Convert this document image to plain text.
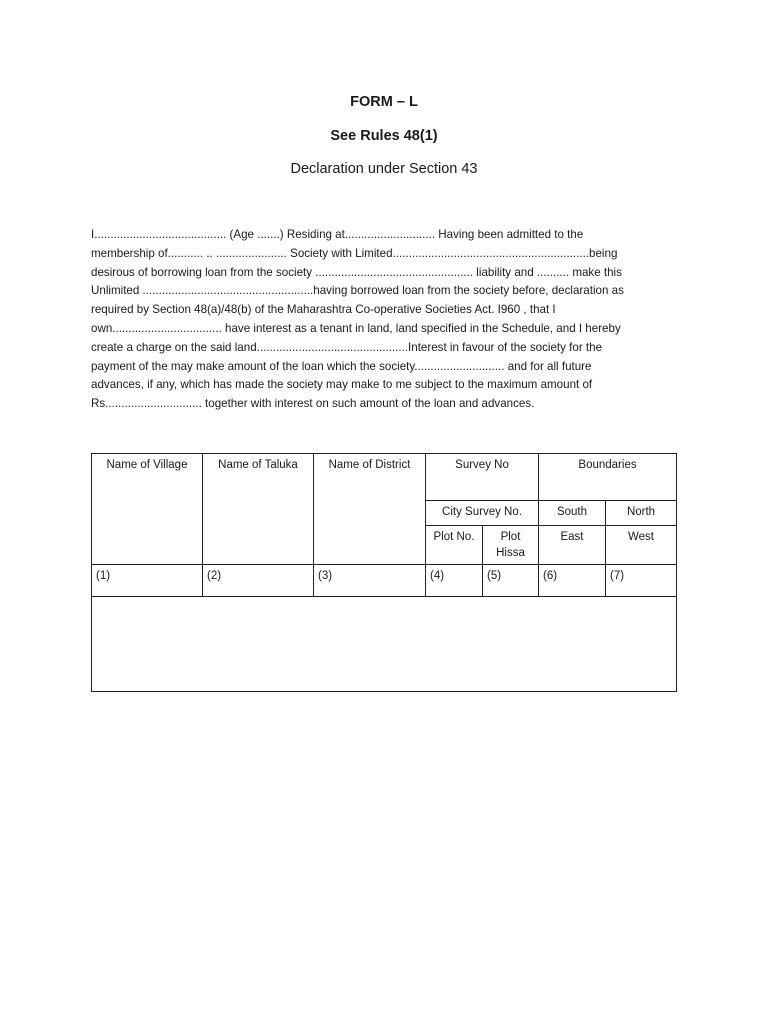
FORM – L
See Rules 48(1)
Declaration under Section 43
I......................................... (Age .......) Residing at............................ Having been admitted to the
membership of........... .. ...................... Society with Limited.............................................................being
desirous of borrowing loan from the society ................................................. liability and .......... make this
Unlimited .....................................................having borrowed loan from the society before, declaration as
required by Section 48(a)/48(b) of the Maharashtra Co-operative Societies Act. I960 , that I
own.................................. have interest as a tenant in land, land specified in the Schedule, and I hereby
create a charge on the said land...............................................Interest in favour of the society for the
payment of the may make amount of the loan which the society............................ and for all future
advances, if any, which has made the society may make to me subject to the maximum amount of
Rs.............................. together with interest on such amount of the loan and advances.
Name of Village	Name of Taluka	Name of District	Survey No		Boundaries	
			City Survey No.		South	North
			Plot No.	Plot Hissa	East	West
(1)	(2)	(3)	(4)	(5)	(6)	(7)
